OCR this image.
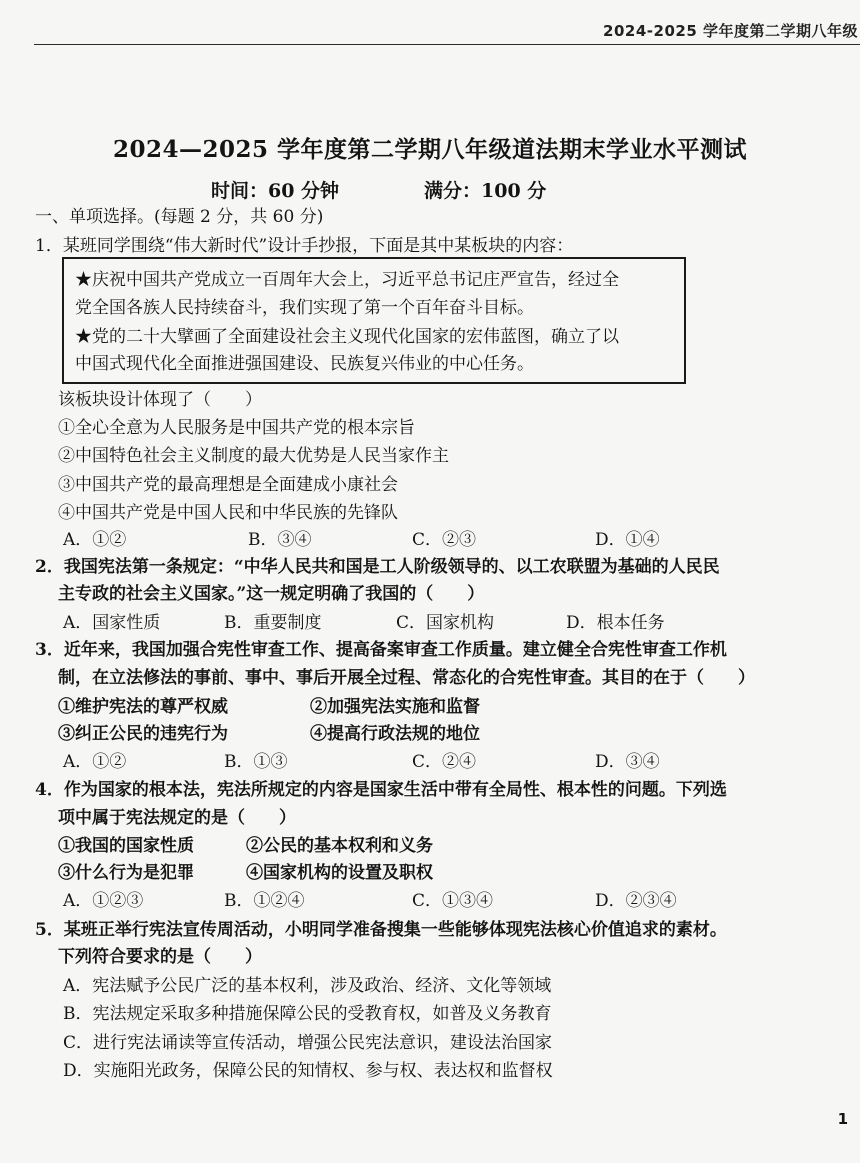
2024-2025 学年度第二学期八年级
2024—2025 学年度第二学期八年级道法期末学业水平测试
时间：60 分钟	满分：100 分
一、单项选择。(每题 2 分，共 60 分)
1．某班同学围绕“伟大新时代”设计手抄报，下面是其中某板块的内容：
★庆祝中国共产党成立一百周年大会上，习近平总书记庄严宣告，经过全
党全国各族人民持续奋斗，我们实现了第一个百年奋斗目标。
★党的二十大擘画了全面建设社会主义现代化国家的宏伟蓝图，确立了以
中国式现代化全面推进强国建设、民族复兴伟业的中心任务。
该板块设计体现了（　　）
①全心全意为人民服务是中国共产党的根本宗旨
②中国特色社会主义制度的最大优势是人民当家作主
③中国共产党的最高理想是全面建成小康社会
④中国共产党是中国人民和中华民族的先锋队
A．①②	B．③④	C．②③	D．①④
2．我国宪法第一条规定：“中华人民共和国是工人阶级领导的、以工农联盟为基础的人民民
主专政的社会主义国家。”这一规定明确了我国的（　　）
A．国家性质	B．重要制度	C．国家机构	D．根本任务
3．近年来，我国加强合宪性审查工作、提高备案审查工作质量。建立健全合宪性审查工作机
制，在立法修法的事前、事中、事后开展全过程、常态化的合宪性审查。其目的在于（　　）
①维护宪法的尊严权威	②加强宪法实施和监督
③纠正公民的违宪行为	④提高行政法规的地位
A．①②	B．①③	C．②④	D．③④
4．作为国家的根本法，宪法所规定的内容是国家生活中带有全局性、根本性的问题。下列选
项中属于宪法规定的是（　　）
①我国的国家性质	②公民的基本权利和义务
③什么行为是犯罪	④国家机构的设置及职权
A．①②③	B．①②④	C．①③④	D．②③④
5．某班正举行宪法宣传周活动，小明同学准备搜集一些能够体现宪法核心价值追求的素材。
下列符合要求的是（　　）
A．宪法赋予公民广泛的基本权利，涉及政治、经济、文化等领域
B．宪法规定采取多种措施保障公民的受教育权，如普及义务教育
C．进行宪法诵读等宣传活动，增强公民宪法意识，建设法治国家
D．实施阳光政务，保障公民的知情权、参与权、表达权和监督权
1
